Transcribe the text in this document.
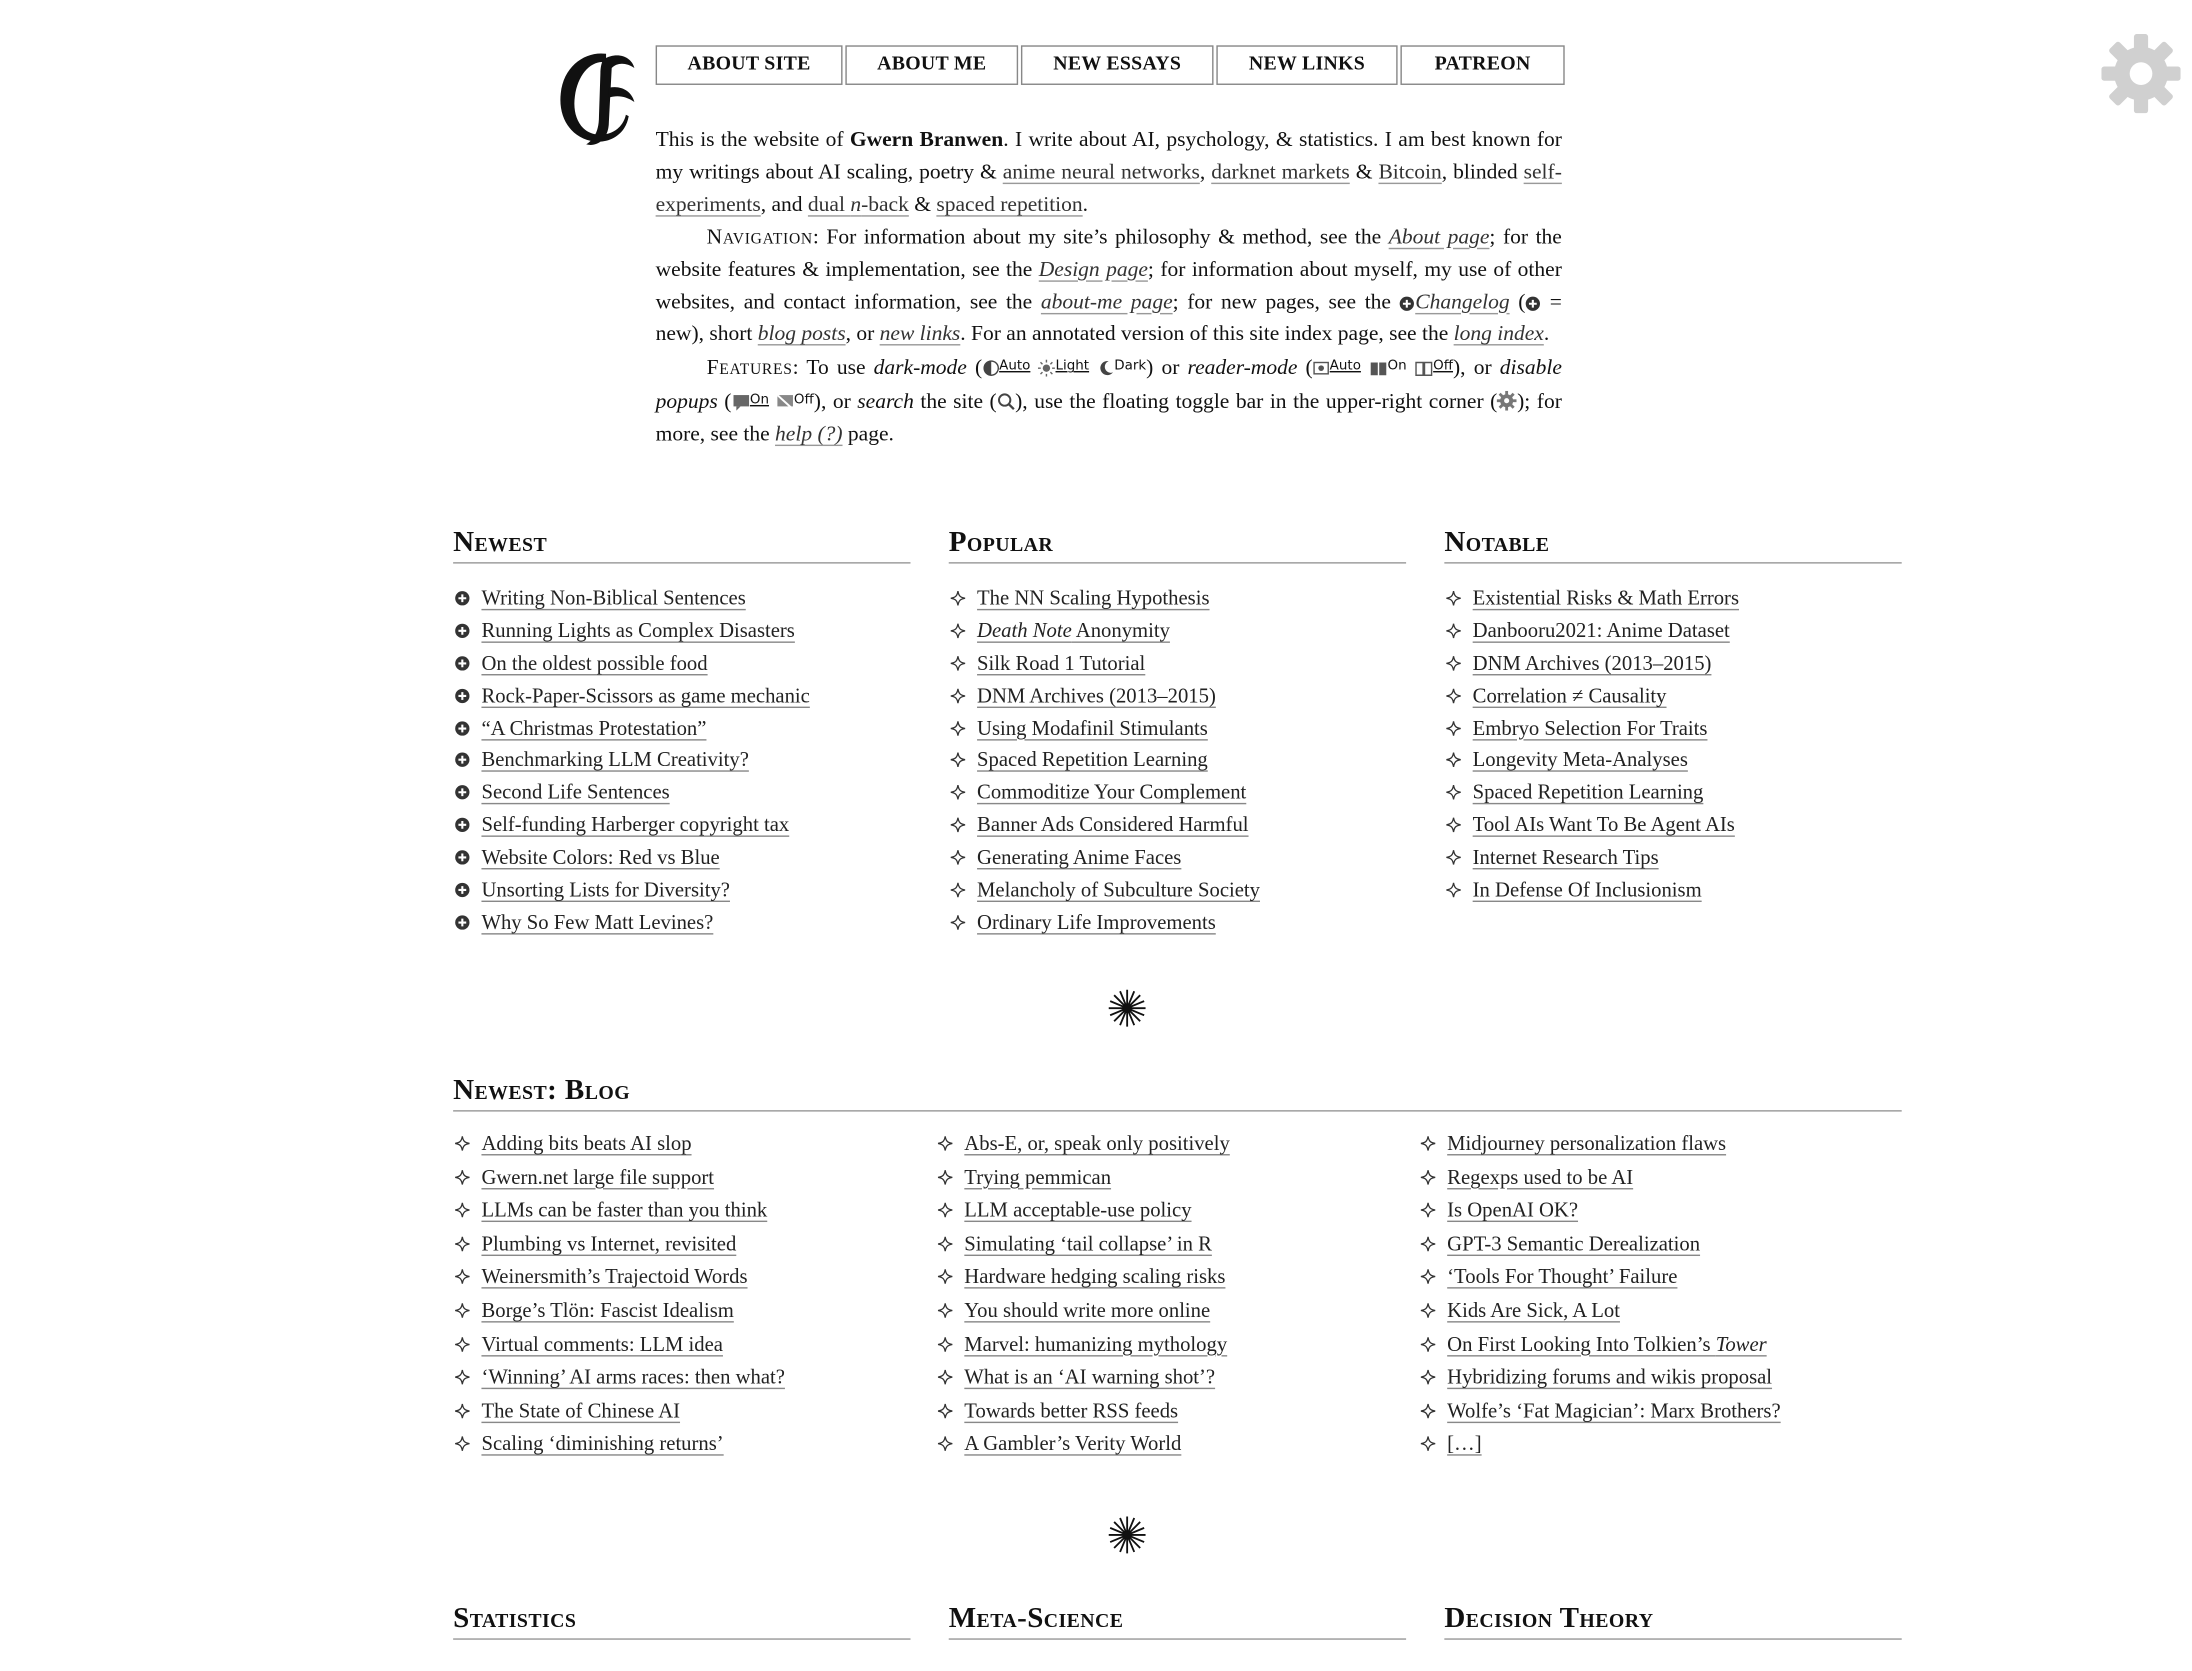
ABOUT SITE	ABOUT ME	NEW ESSAYS	NEW LINKS	PATREON

This is the website of Gwern Branwen. I write about AI, psychology, & statistics. I am best known for my writings about AI scaling, poetry & anime neural networks, darknet markets & Bitcoin, blinded self-experiments, and dual n-back & spaced repetition.

Navigation: For information about my site’s philosophy & method, see the About page; for the website features & implementation, see the Design page; for information about myself, my use of other websites, and contact information, see the about-me page; for new pages, see the Changelog ( = new), short blog posts, or new links. For an annotated version of this site index page, see the long index.

Features: To use dark-mode ( Auto	Light	Dark) or reader-mode ( Auto	On	Off), or disable popups ( On	Off), or search the site ( ), use the floating toggle bar in the upper-right corner ( ); for more, see the help (?) page.

Newest
Writing Non-Biblical Sentences
Running Lights as Complex Disasters
On the oldest possible food
Rock-Paper-Scissors as game mechanic
“A Christmas Protestation”
Benchmarking LLM Creativity?
Second Life Sentences
Self-funding Harberger copyright tax
Website Colors: Red vs Blue
Unsorting Lists for Diversity?
Why So Few Matt Levines?
Popular
The NN Scaling Hypothesis
Death Note Anonymity
Silk Road 1 Tutorial
DNM Archives (2013–2015)
Using Modafinil Stimulants
Spaced Repetition Learning
Commoditize Your Complement
Banner Ads Considered Harmful
Generating Anime Faces
Melancholy of Subculture Society
Ordinary Life Improvements
Notable
Existential Risks & Math Errors
Danbooru2021: Anime Dataset
DNM Archives (2013–2015)
Correlation ≠ Causality
Embryo Selection For Traits
Longevity Meta-Analyses
Spaced Repetition Learning
Tool AIs Want To Be Agent AIs
Internet Research Tips
In Defense Of Inclusionism
Newest: Blog
Adding bits beats AI slop
Gwern.net large file support
LLMs can be faster than you think
Plumbing vs Internet, revisited
Weinersmith’s Trajectoid Words
Borge’s Tlön: Fascist Idealism
Virtual comments: LLM idea
‘Winning’ AI arms races: then what?
The State of Chinese AI
Scaling ‘diminishing returns’
Abs-E, or, speak only positively
Trying pemmican
LLM acceptable-use policy
Simulating ‘tail collapse’ in R
Hardware hedging scaling risks
You should write more online
Marvel: humanizing mythology
What is an ‘AI warning shot’?
Towards better RSS feeds
A Gambler’s Verity World
Midjourney personalization flaws
Regexps used to be AI
Is OpenAI OK?
GPT-3 Semantic Derealization
‘Tools For Thought’ Failure
Kids Are Sick, A Lot
On First Looking Into Tolkien’s Tower
Hybridizing forums and wikis proposal
Wolfe’s ‘Fat Magician’: Marx Brothers?
[…]
Statistics	Meta-Science	Decision Theory
